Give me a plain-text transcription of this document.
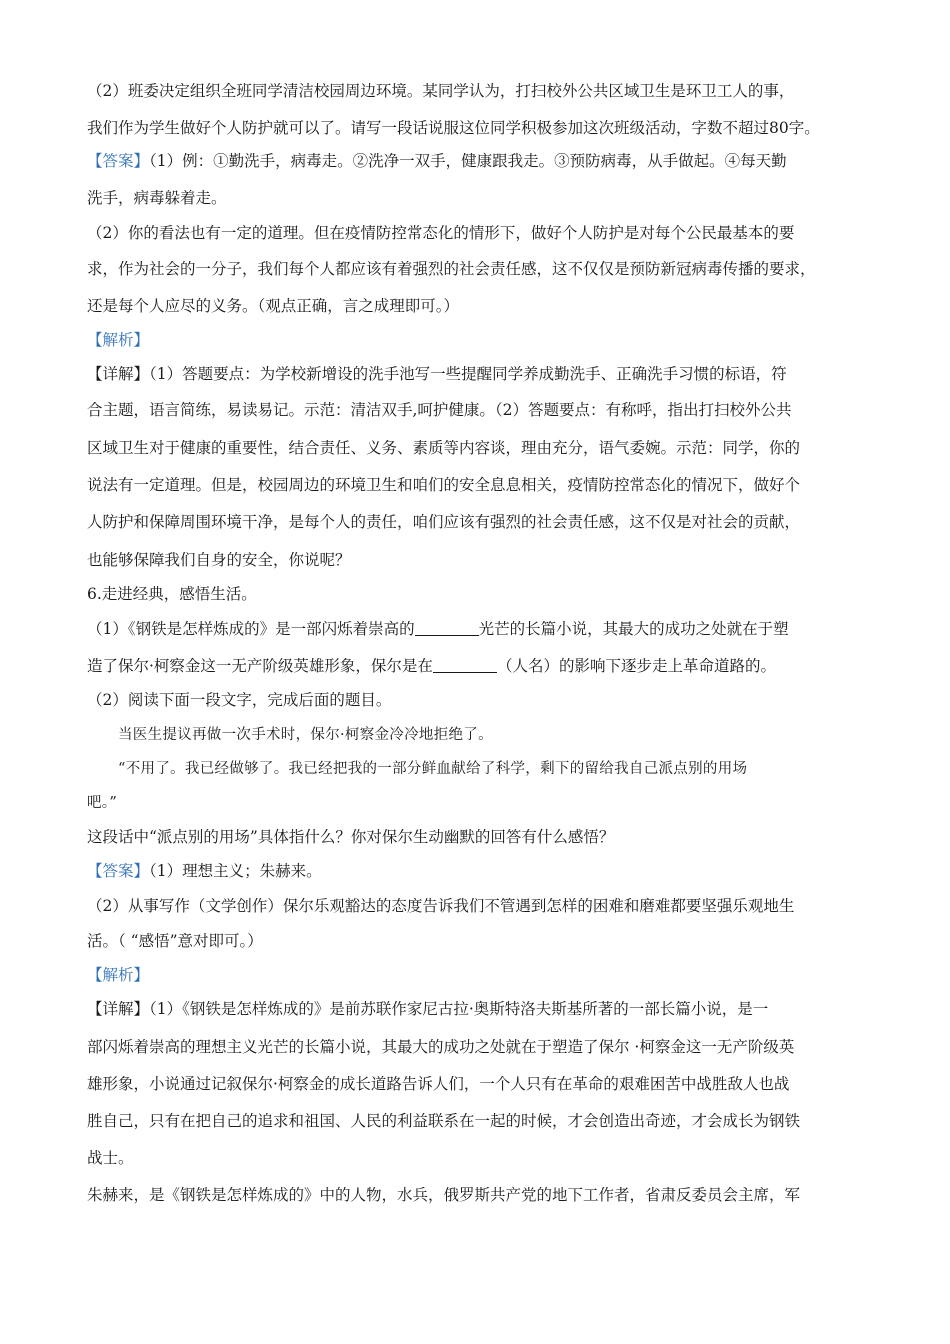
（2）班委决定组织全班同学清洁校园周边环境。某同学认为，打扫校外公共区域卫生是环卫工人的事，
我们作为学生做好个人防护就可以了。请写一段话说服这位同学积极参加这次班级活动，字数不超过80字。
【答案】（1）例：①勤洗手，病毒走。②洗净一双手，健康跟我走。③预防病毒，从手做起。④每天勤
洗手，病毒躲着走。
（2）你的看法也有一定的道理。但在疫情防控常态化的情形下，做好个人防护是对每个公民最基本的要
求，作为社会的一分子，我们每个人都应该有着强烈的社会责任感，这不仅仅是预防新冠病毒传播的要求，
还是每个人应尽的义务。（观点正确，言之成理即可。）
【解析】
【详解】（1）答题要点：为学校新增设的洗手池写一些提醒同学养成勤洗手、正确洗手习惯的标语，符
合主题，语言简练，易读易记。示范：清洁双手,呵护健康。（2）答题要点：有称呼，指出打扫校外公共
区域卫生对于健康的重要性，结合责任、义务、素质等内容谈，理由充分，语气委婉。示范：同学，你的
说法有一定道理。但是，校园周边的环境卫生和咱们的安全息息相关，疫情防控常态化的情况下，做好个
人防护和保障周围环境干净，是每个人的责任，咱们应该有强烈的社会责任感，这不仅是对社会的贡献，
也能够保障我们自身的安全，你说呢？
6.走进经典，感悟生活。
（1）《钢铁是怎样炼成的》是一部闪烁着崇高的	光芒的长篇小说，其最大的成功之处就在于塑
造了保尔·柯察金这一无产阶级英雄形象，保尔是在	（人名）的影响下逐步走上革命道路的。
（2）阅读下面一段文字，完成后面的题目。
当医生提议再做一次手术时，保尔·柯察金冷冷地拒绝了。
“不用了。我已经做够了。我已经把我的一部分鲜血献给了科学，剩下的留给我自己派点别的用场
吧。”
这段话中“派点别的用场”具体指什么？你对保尔生动幽默的回答有什么感悟？
【答案】（1）理想主义；朱赫来。
（2）从事写作（文学创作）保尔乐观豁达的态度告诉我们不管遇到怎样的困难和磨难都要坚强乐观地生
活。（ “感悟”意对即可。）
【解析】
【详解】（1）《钢铁是怎样炼成的》是前苏联作家尼古拉·奥斯特洛夫斯基所著的一部长篇小说，是一
部闪烁着崇高的理想主义光芒的长篇小说，其最大的成功之处就在于塑造了保尔 ·柯察金这一无产阶级英
雄形象，小说通过记叙保尔·柯察金的成长道路告诉人们，一个人只有在革命的艰难困苦中战胜敌人也战
胜自己，只有在把自己的追求和祖国、人民的利益联系在一起的时候，才会创造出奇迹，才会成长为钢铁
战士。
朱赫来，是《钢铁是怎样炼成的》中的人物，水兵，俄罗斯共产党的地下工作者，省肃反委员会主席，军
